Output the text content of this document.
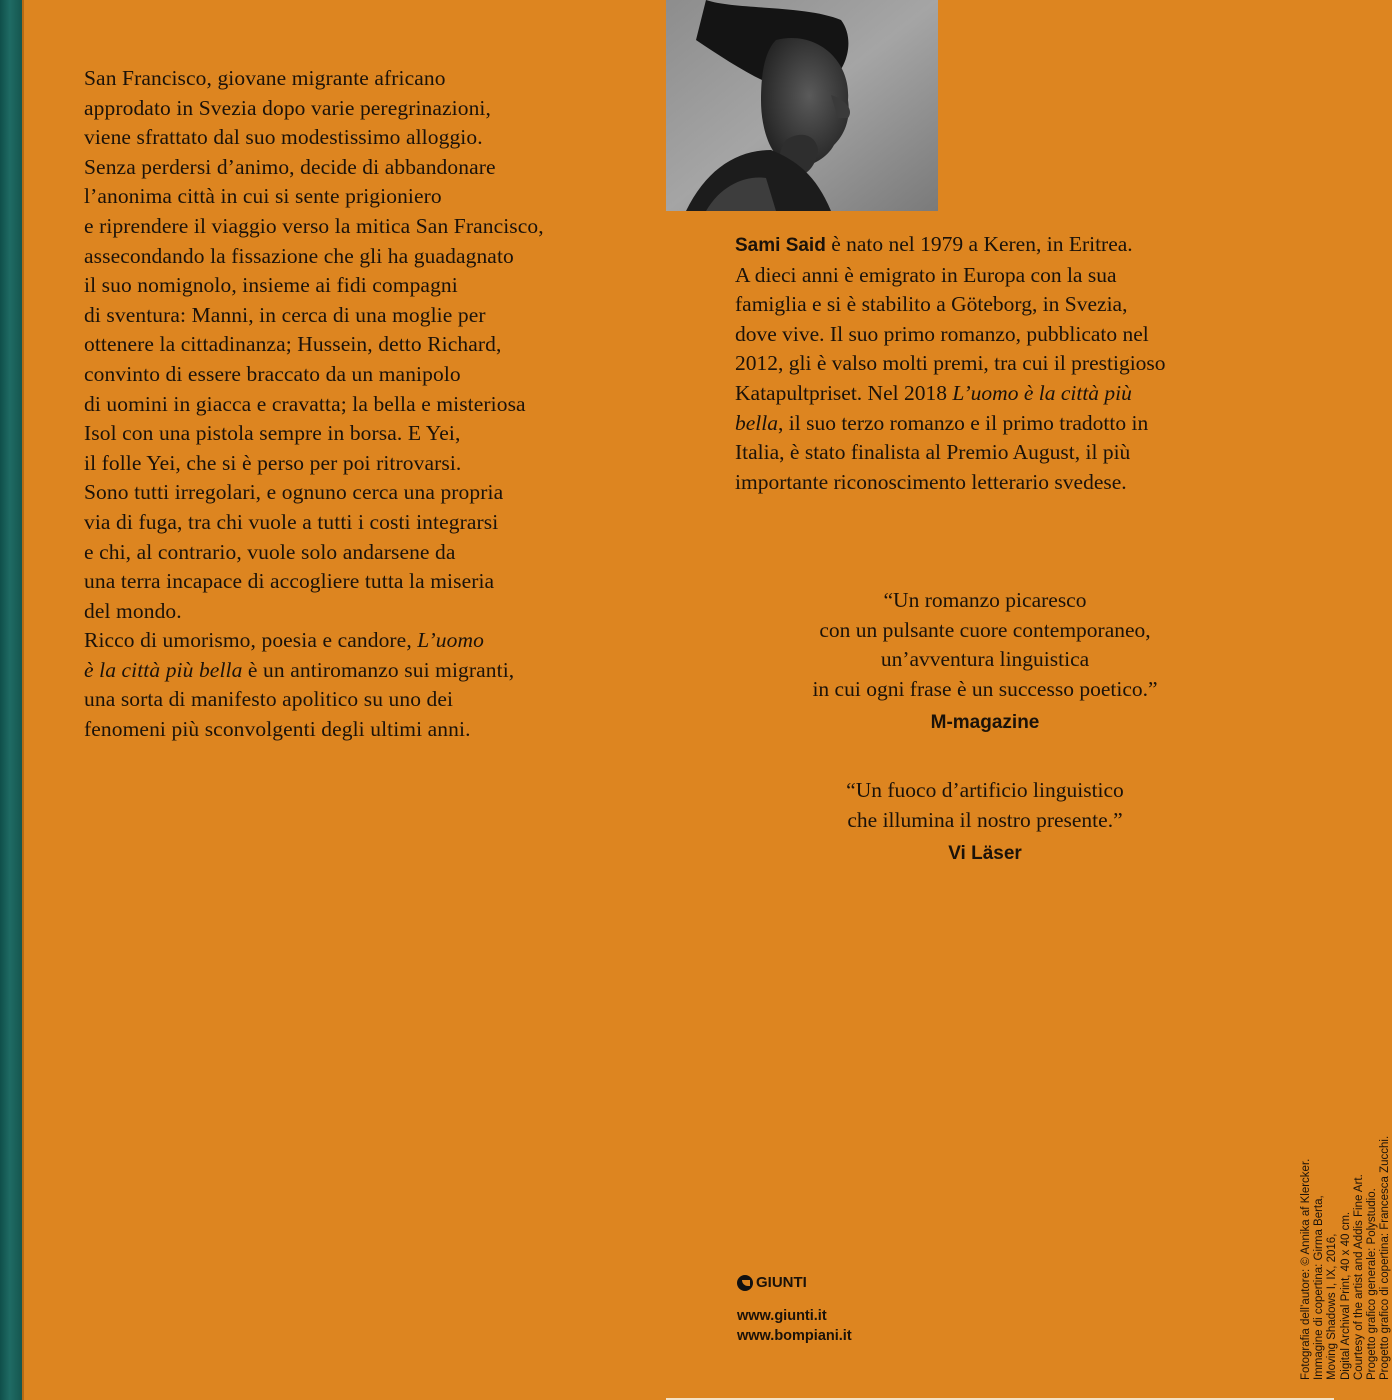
San Francisco, giovane migrante africano

approdato in Svezia dopo varie peregrinazioni,

viene sfrattato dal suo modestissimo alloggio.

Senza perdersi d’animo, decide di abbandonare

l’anonima città in cui si sente prigioniero

e riprendere il viaggio verso la mitica San Francisco,

assecondando la fissazione che gli ha guadagnato

il suo nomignolo, insieme ai fidi compagni

di sventura: Manni, in cerca di una moglie per

ottenere la cittadinanza; Hussein, detto Richard,

convinto di essere braccato da un manipolo

di uomini in giacca e cravatta; la bella e misteriosa

Isol con una pistola sempre in borsa. E Yei,

il folle Yei, che si è perso per poi ritrovarsi.

Sono tutti irregolari, e ognuno cerca una propria

via di fuga, tra chi vuole a tutti i costi integrarsi

e chi, al contrario, vuole solo andarsene da

una terra incapace di accogliere tutta la miseria

del mondo.

Ricco di umorismo, poesia e candore, L’uomo

è la città più bella è un antiromanzo sui migranti,

una sorta di manifesto apolitico su uno dei

fenomeni più sconvolgenti degli ultimi anni.

Sami Said è nato nel 1979 a Keren, in Eritrea.
A dieci anni è emigrato in Europa con la sua
famiglia e si è stabilito a Göteborg, in Svezia,
dove vive. Il suo primo romanzo, pubblicato nel
2012, gli è valso molti premi, tra cui il prestigioso
Katapultpriset. Nel 2018 L’uomo è la città più
bella, il suo terzo romanzo e il primo tradotto in
Italia, è stato finalista al Premio August, il più
importante riconoscimento letterario svedese.
“Un romanzo picaresco
con un pulsante cuore contemporaneo,
un’avventura linguistica
in cui ogni frase è un successo poetico.”
M-magazine
“Un fuoco d’artificio linguistico
che illumina il nostro presente.”
Vi Läser
GIUNTI
www.giunti.it
www.bompiani.it	Fotografia dell’autore: © Annika af Klercker. Immagine di copertina: Girma Berta, Moving Shadows I, IX, 2016, Digital Archival Print, 40 x 40 cm. Courtesy of the artist and Addis Fine Art. Progetto grafico generale: Polystudio. Progetto grafico di copertina: Francesca Zucchi.
